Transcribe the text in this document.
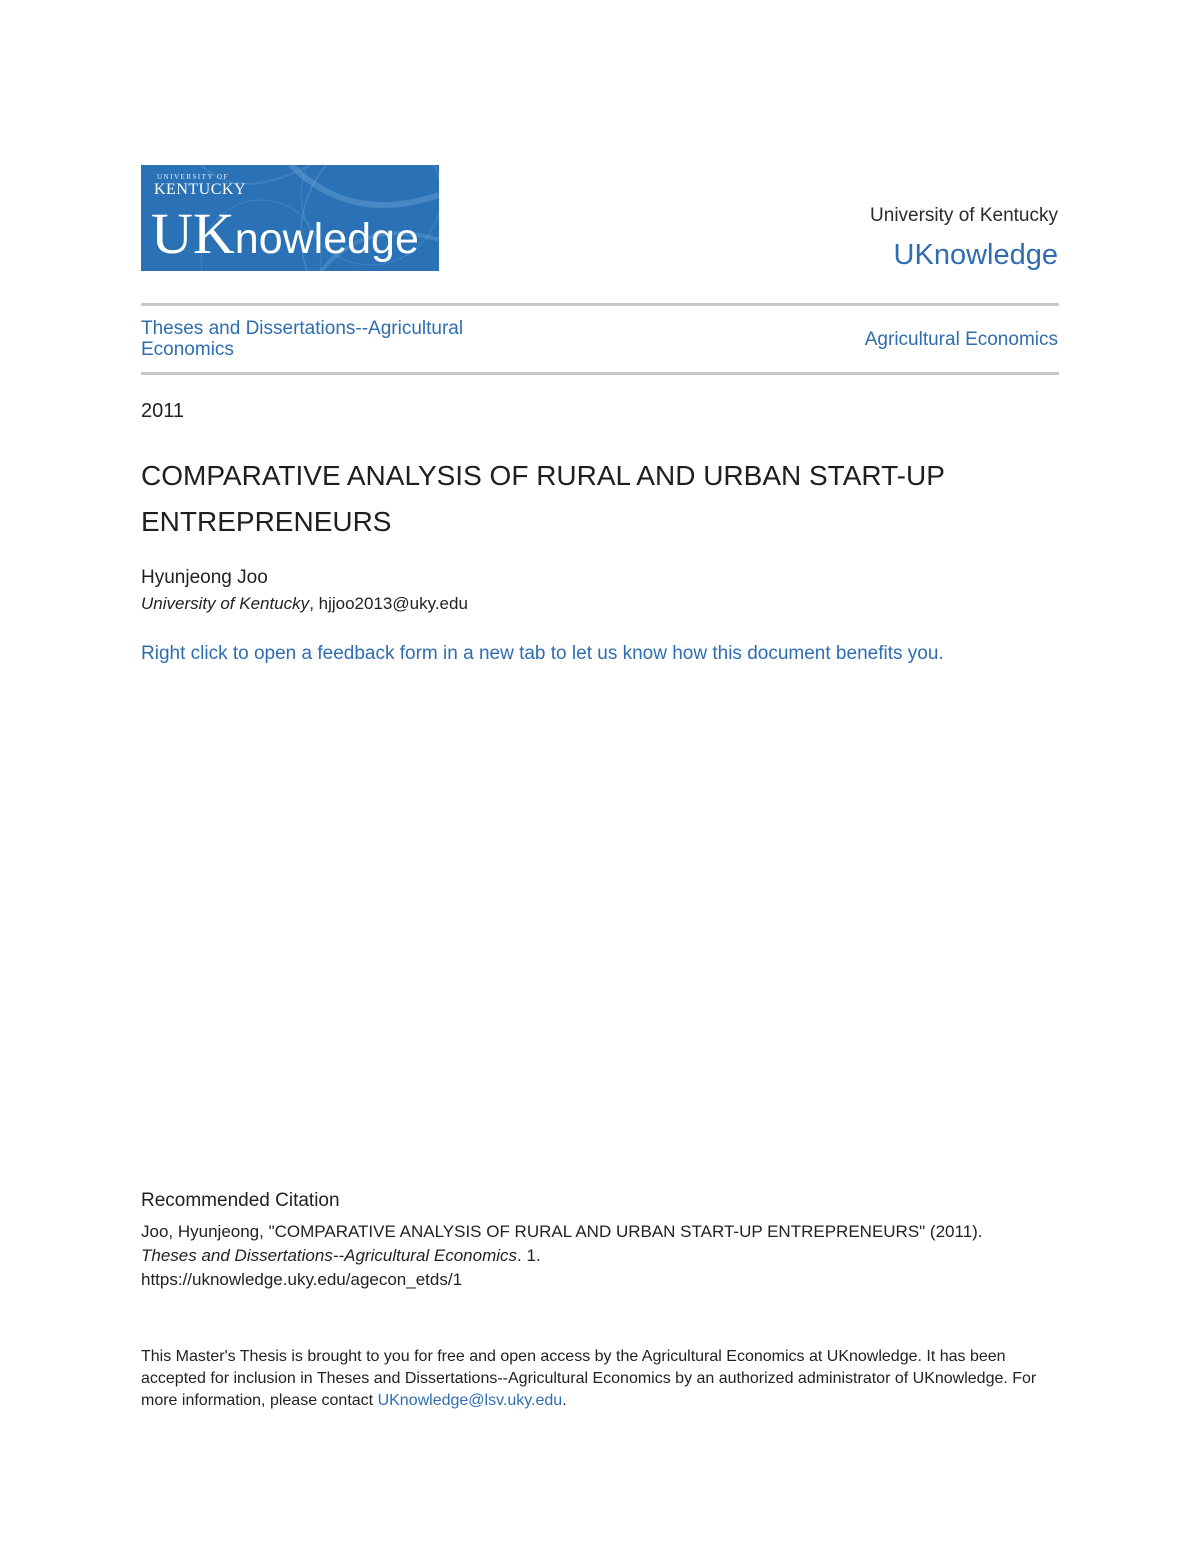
UNIVERSITY OF
KENTUCKY
UKnowledge	University of Kentucky

UKnowledge
Theses and Dissertations--Agricultural Economics	Agricultural Economics
2011
COMPARATIVE ANALYSIS OF RURAL AND URBAN START-UP ENTREPRENEURS
Hyunjeong Joo
University of Kentucky, hjjoo2013@uky.edu
Right click to open a feedback form in a new tab to let us know how this document benefits you.
Recommended Citation
Joo, Hyunjeong, "COMPARATIVE ANALYSIS OF RURAL AND URBAN START-UP ENTREPRENEURS" (2011).
Theses and Dissertations--Agricultural Economics. 1.
https://uknowledge.uky.edu/agecon_etds/1
This Master's Thesis is brought to you for free and open access by the Agricultural Economics at UKnowledge. It has been accepted for inclusion in Theses and Dissertations--Agricultural Economics by an authorized administrator of UKnowledge. For more information, please contact UKnowledge@lsv.uky.edu.
